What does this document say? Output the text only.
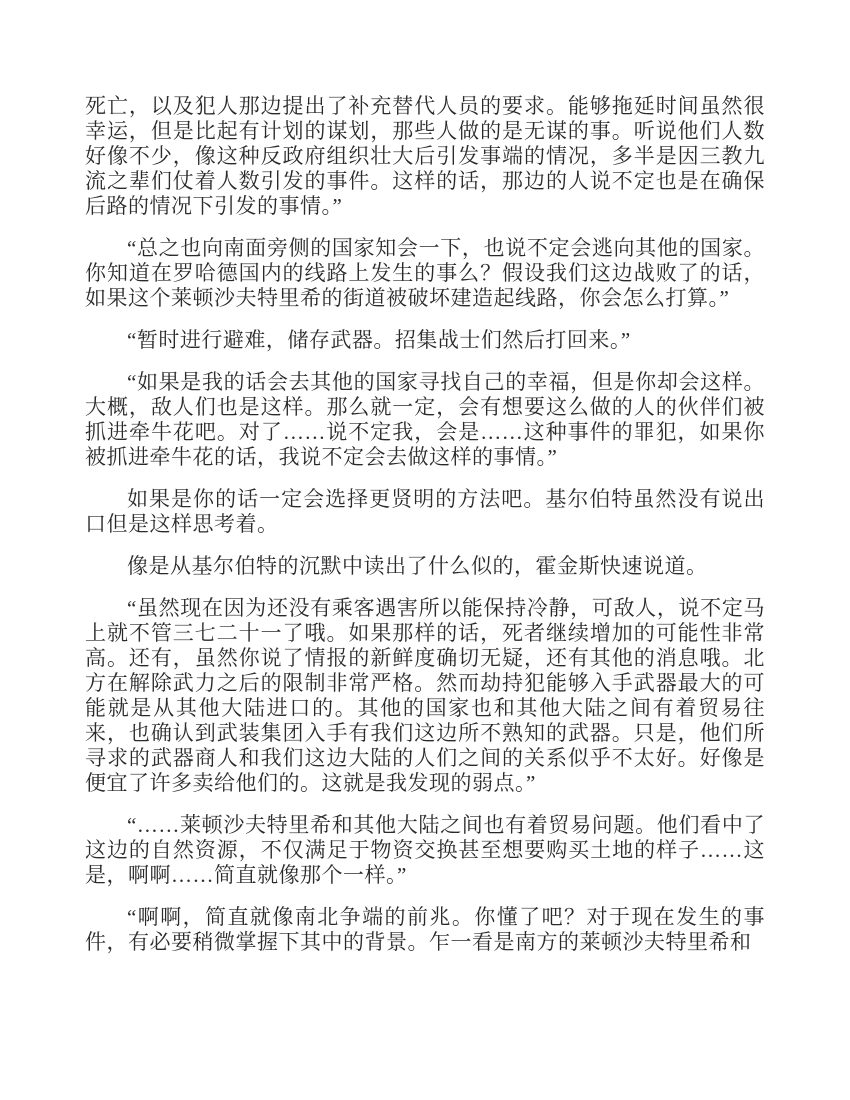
死亡，以及犯人那边提出了补充替代人员的要求。能够拖延时间虽然很幸运，但是比起有计划的谋划，那些人做的是无谋的事。听说他们人数好像不少，像这种反政府组织壮大后引发事端的情况，多半是因三教九流之辈们仗着人数引发的事件。这样的话，那边的人说不定也是在确保后路的情况下引发的事情。”

“总之也向南面旁侧的国家知会一下，也说不定会逃向其他的国家。你知道在罗哈德国内的线路上发生的事么？假设我们这边战败了的话，如果这个莱顿沙夫特里希的街道被破坏建造起线路，你会怎么打算。”

“暂时进行避难，储存武器。招集战士们然后打回来。”

“如果是我的话会去其他的国家寻找自己的幸福，但是你却会这样。大概，敌人们也是这样。那么就一定，会有想要这么做的人的伙伴们被抓进牵牛花吧。对了……说不定我，会是……这种事件的罪犯，如果你被抓进牵牛花的话，我说不定会去做这样的事情。”

如果是你的话一定会选择更贤明的方法吧。基尔伯特虽然没有说出口但是这样思考着。

像是从基尔伯特的沉默中读出了什么似的，霍金斯快速说道。

“虽然现在因为还没有乘客遇害所以能保持冷静，可敌人，说不定马上就不管三七二十一了哦。如果那样的话，死者继续增加的可能性非常高。还有，虽然你说了情报的新鲜度确切无疑，还有其他的消息哦。北方在解除武力之后的限制非常严格。然而劫持犯能够入手武器最大的可能就是从其他大陆进口的。其他的国家也和其他大陆之间有着贸易往来，也确认到武装集团入手有我们这边所不熟知的武器。只是，他们所寻求的武器商人和我们这边大陆的人们之间的关系似乎不太好。好像是便宜了许多卖给他们的。这就是我发现的弱点。”

“……莱顿沙夫特里希和其他大陆之间也有着贸易问题。他们看中了这边的自然资源，不仅满足于物资交换甚至想要购买土地的样子……这是，啊啊……简直就像那个一样。”

“啊啊，简直就像南北争端的前兆。你懂了吧？对于现在发生的事件，有必要稍微掌握下其中的背景。乍一看是南方的莱顿沙夫特里希和
